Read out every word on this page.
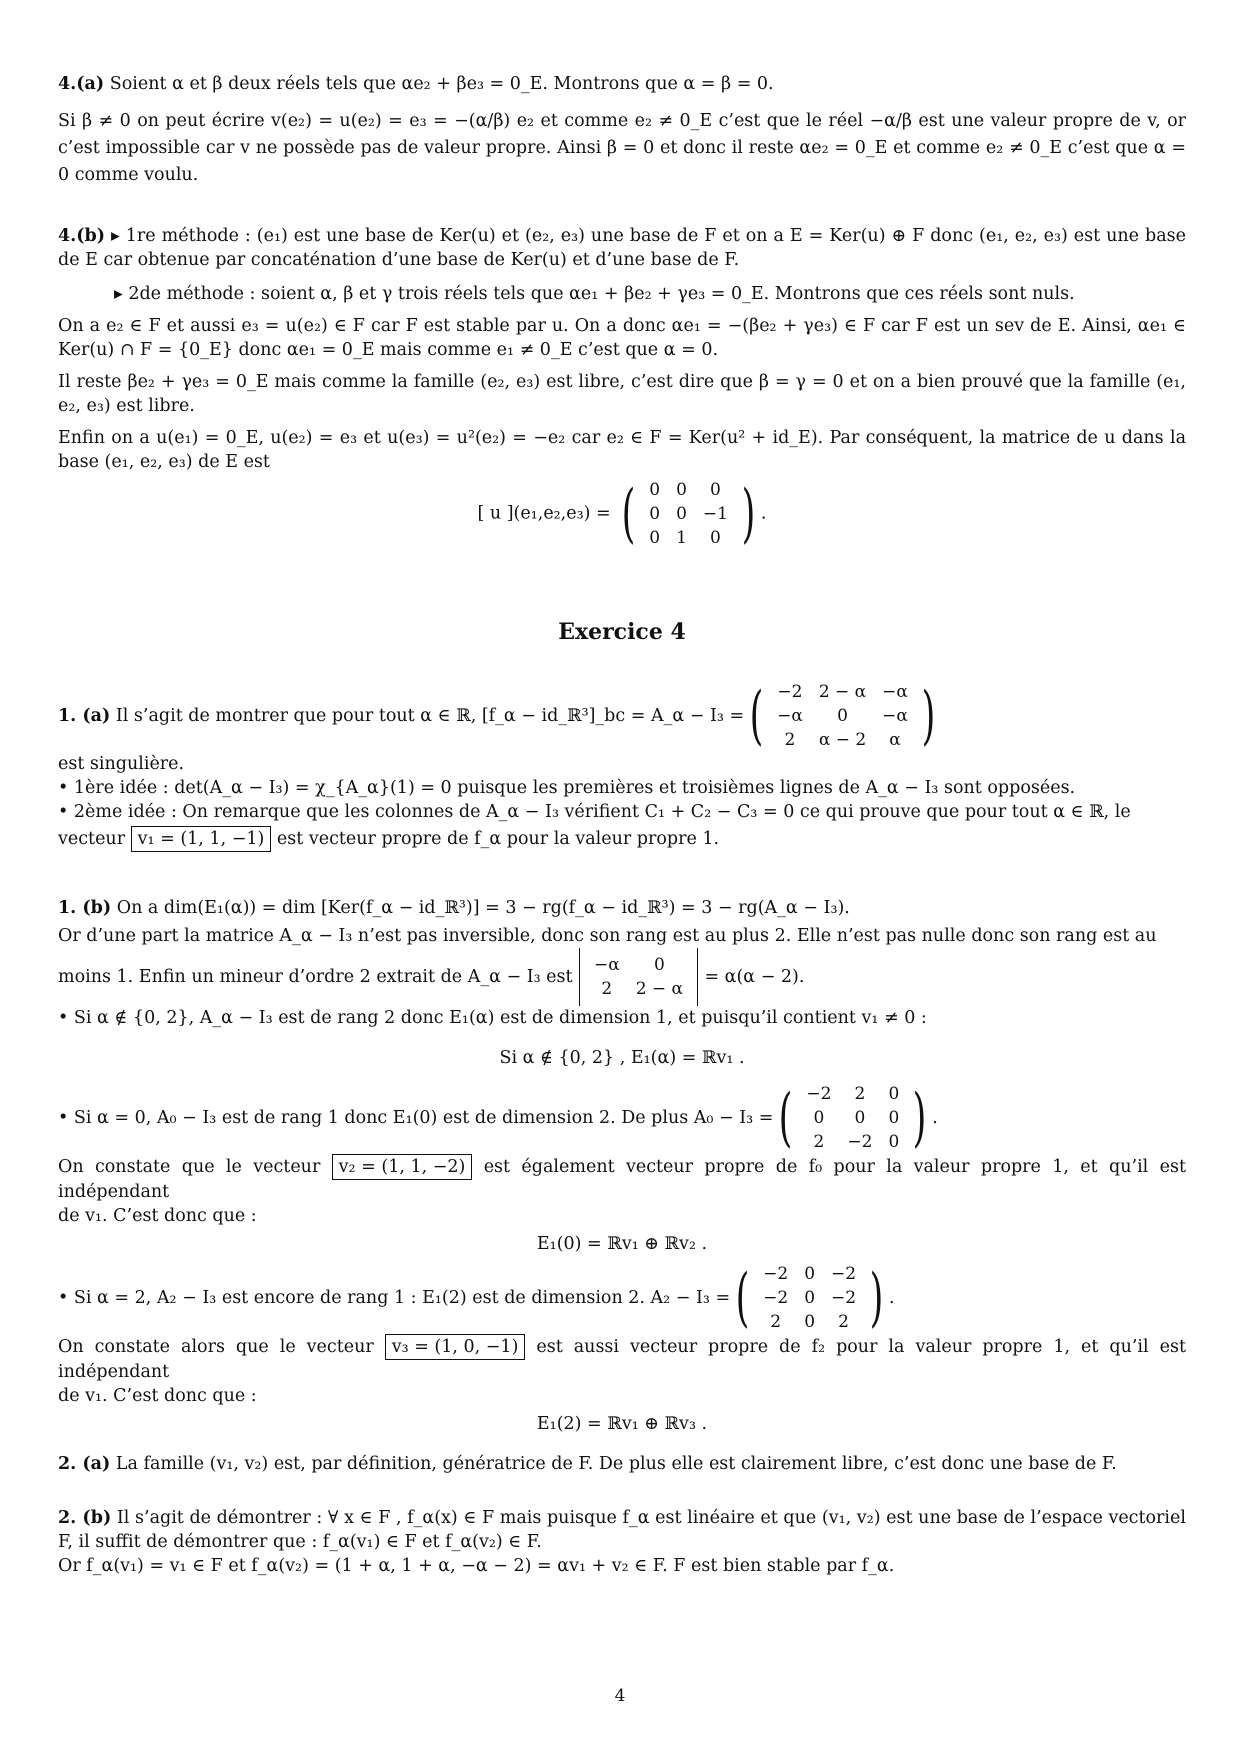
4.(a) Soient α et β deux réels tels que αe₂ + βe₃ = 0_E. Montrons que α = β = 0.

Si β ≠ 0 on peut écrire v(e₂) = u(e₂) = e₃ = −(α/β) e₂ et comme e₂ ≠ 0_E c’est que le réel −α/β est une valeur propre de v, or c’est impossible car v ne possède pas de valeur propre. Ainsi β = 0 et donc il reste αe₂ = 0_E et comme e₂ ≠ 0_E c’est que α = 0 comme voulu.

4.(b) ▸ 1re méthode : (e₁) est une base de Ker(u) et (e₂, e₃) une base de F et on a E = Ker(u) ⊕ F donc (e₁, e₂, e₃) est une base de E car obtenue par concaténation d’une base de Ker(u) et d’une base de F.

▸ 2de méthode : soient α, β et γ trois réels tels que αe₁ + βe₂ + γe₃ = 0_E. Montrons que ces réels sont nuls.

On a e₂ ∈ F et aussi e₃ = u(e₂) ∈ F car F est stable par u. On a donc αe₁ = −(βe₂ + γe₃) ∈ F car F est un sev de E. Ainsi, αe₁ ∈ Ker(u) ∩ F = {0_E} donc αe₁ = 0_E mais comme e₁ ≠ 0_E c’est que α = 0.

Il reste βe₂ + γe₃ = 0_E mais comme la famille (e₂, e₃) est libre, c’est dire que β = γ = 0 et on a bien prouvé que la famille (e₁, e₂, e₃) est libre.

Enfin on a u(e₁) = 0_E, u(e₂) = e₃ et u(e₃) = u²(e₂) = −e₂ car e₂ ∈ F = Ker(u² + id_E). Par conséquent, la matrice de u dans la base (e₁, e₂, e₃) de E est

[ u ](e₁,e₂,e₃) = ( 0	0	0
0	0	−1
0	1	0 ) .
Exercice 4
1. (a)
Il s’agit de montrer que pour tout α ∈ ℝ, [f_α − id_ℝ³]_bc = A_α − I₃ = ( −2	2 − α	−α
−α	0	−α
2	α − 2	α )

est singulière.

• 1ère idée : det(A_α − I₃) = χ_{A_α}(1) = 0 puisque les premières et troisièmes lignes de A_α − I₃ sont opposées.

• 2ème idée : On remarque que les colonnes de A_α − I₃ vérifient C₁ + C₂ − C₃ = 0 ce qui prouve que pour tout α ∈ ℝ, le

vecteur v₁ = (1, 1, −1) est vecteur propre de f_α pour la valeur propre 1.

1. (b) On a dim(E₁(α)) = dim [Ker(f_α − id_ℝ³)] = 3 − rg(f_α − id_ℝ³) = 3 − rg(A_α − I₃).

Or d’une part la matrice A_α − I₃ n’est pas inversible, donc son rang est au plus 2. Elle n’est pas nulle donc son rang est au

moins 1. Enfin un mineur d’ordre 2 extrait de A_α − I₃ est
−α	0
2	2 − α
= α(α − 2).

• Si α ∉ {0, 2}, A_α − I₃ est de rang 2 donc E₁(α) est de dimension 1, et puisqu’il contient v₁ ≠ 0 :

Si α ∉ {0, 2} , E₁(α) = ℝv₁ .

• Si α = 0, A₀ − I₃ est de rang 1 donc E₁(0) est de dimension 2. De plus A₀ − I₃ = ( −2	2	0
0	0	0
2	−2	0 ) .

On constate que le vecteur v₂ = (1, 1, −2) est également vecteur propre de f₀ pour la valeur propre 1, et qu’il est indépendant

de v₁. C’est donc que :

E₁(0) = ℝv₁ ⊕ ℝv₂ .

• Si α = 2, A₂ − I₃ est encore de rang 1 : E₁(2) est de dimension 2. A₂ − I₃ = ( −2	0	−2
−2	0	−2
2	0	2 ) .

On constate alors que le vecteur v₃ = (1, 0, −1) est aussi vecteur propre de f₂ pour la valeur propre 1, et qu’il est indépendant

de v₁. C’est donc que :

E₁(2) = ℝv₁ ⊕ ℝv₃ .

2. (a) La famille (v₁, v₂) est, par définition, génératrice de F. De plus elle est clairement libre, c’est donc une base de F.

2. (b) Il s’agit de démontrer : ∀ x ∈ F , f_α(x) ∈ F mais puisque f_α est linéaire et que (v₁, v₂) est une base de l’espace vectoriel F, il suffit de démontrer que : f_α(v₁) ∈ F et f_α(v₂) ∈ F.

Or f_α(v₁) = v₁ ∈ F et f_α(v₂) = (1 + α, 1 + α, −α − 2) = αv₁ + v₂ ∈ F. F est bien stable par f_α.

4
